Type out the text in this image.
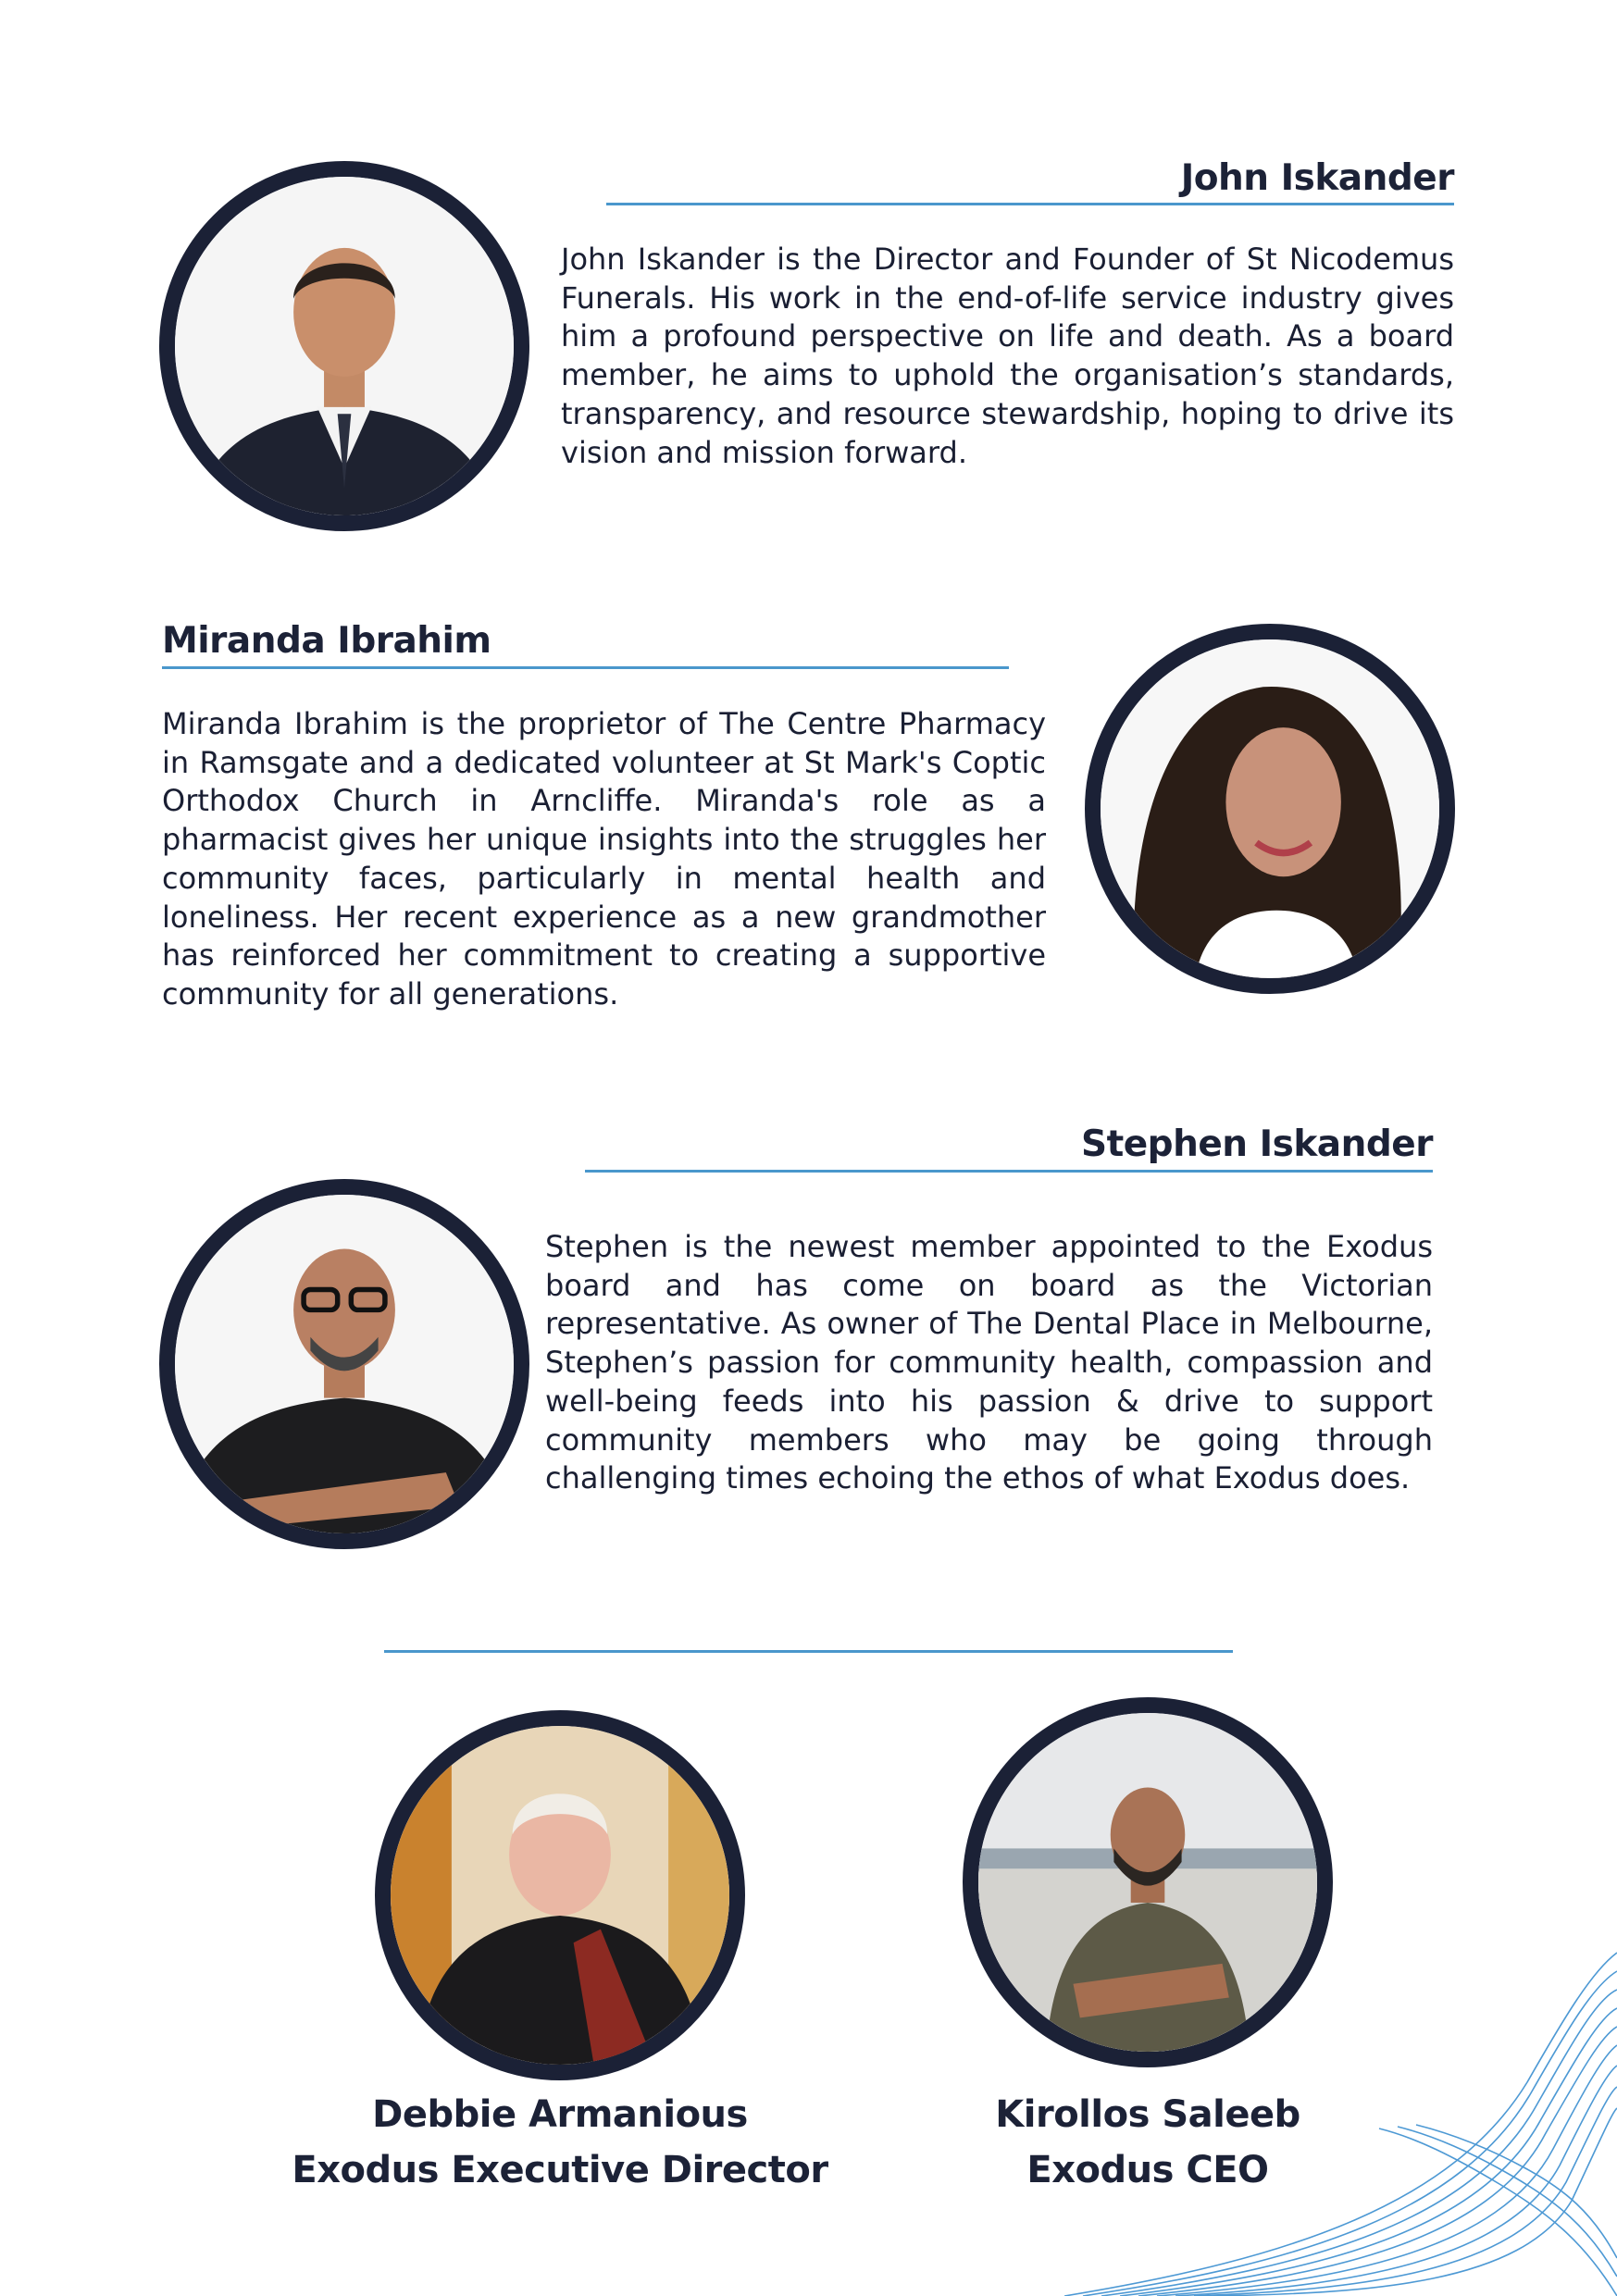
John Iskander

John Iskander is the Director and Founder of St Nicodemus Funerals. His work in the end-of-life service industry gives him a profound perspective on life and death. As a board member, he aims to uphold the organisation’s standards, transparency, and resource stewardship, hoping to drive its vision and mission forward.

Miranda Ibrahim

Miranda Ibrahim is the proprietor of The Centre Pharmacy in Ramsgate and a dedicated volunteer at St Mark's Coptic Orthodox Church in Arncliffe. Miranda's role as a pharmacist gives her unique insights into the struggles her community faces, particularly in mental health and loneliness. Her recent experience as a new grandmother has reinforced her commitment to creating a supportive community for all generations.

Stephen Iskander

Stephen is the newest member appointed to the Exodus board and has come on board as the Victorian representative. As owner of The Dental Place in Melbourne, Stephen’s passion for community health, compassion and well-being feeds into his passion & drive to support community members who may be going through challenging times echoing the ethos of what Exodus does.

Debbie Armanious
Exodus Executive Director
Kirollos Saleeb
Exodus CEO
